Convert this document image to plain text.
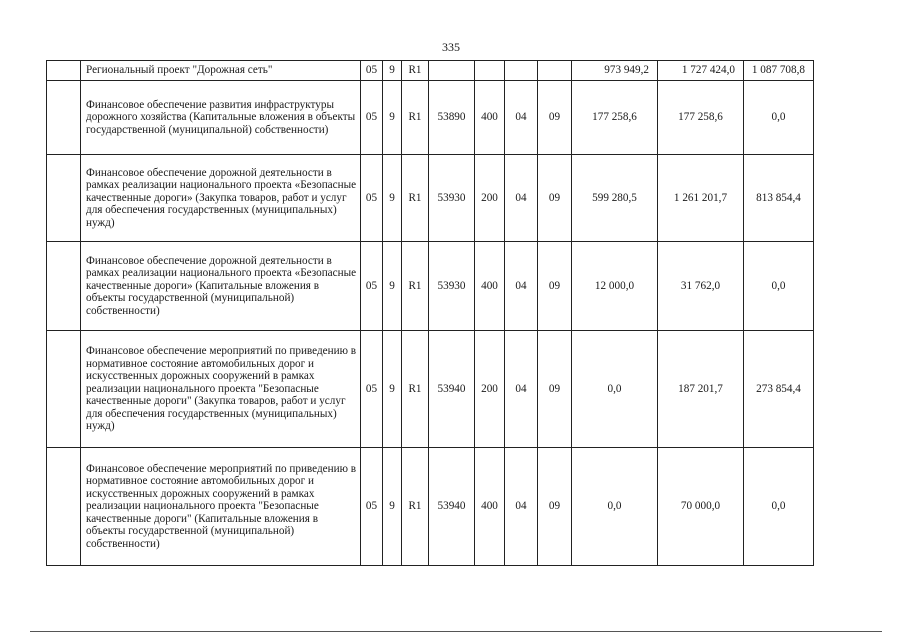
335
	Региональный проект "Дорожная сеть"	05	9	R1					973 949,2	1 727 424,0	1 087 708,8
	Финансовое обеспечение развития инфраструктуры дорожного хозяйства (Капитальные вложения в объекты государственной (муниципальной) собственности)	05	9	R1	53890	400	04	09	177 258,6	177 258,6	0,0
	Финансовое обеспечение дорожной деятельности в рамках реализации национального проекта «Безопасные качественные дороги» (Закупка товаров, работ и услуг для обеспечения государственных (муниципальных) нужд)	05	9	R1	53930	200	04	09	599 280,5	1 261 201,7	813 854,4
	Финансовое обеспечение дорожной деятельности в рамках реализации национального проекта «Безопасные качественные дороги» (Капитальные вложения в объекты государственной (муниципальной) собственности)	05	9	R1	53930	400	04	09	12 000,0	31 762,0	0,0
	Финансовое обеспечение мероприятий по приведению в нормативное состояние автомобильных дорог и искусственных дорожных сооружений в рамках реализации национального проекта "Безопасные качественные дороги" (Закупка товаров, работ и услуг для обеспечения государственных (муниципальных) нужд)	05	9	R1	53940	200	04	09	0,0	187 201,7	273 854,4
	Финансовое обеспечение мероприятий по приведению в нормативное состояние автомобильных дорог и искусственных дорожных сооружений в рамках реализации национального проекта "Безопасные качественные дороги" (Капитальные вложения в объекты государственной (муниципальной) собственности)	05	9	R1	53940	400	04	09	0,0	70 000,0	0,0
